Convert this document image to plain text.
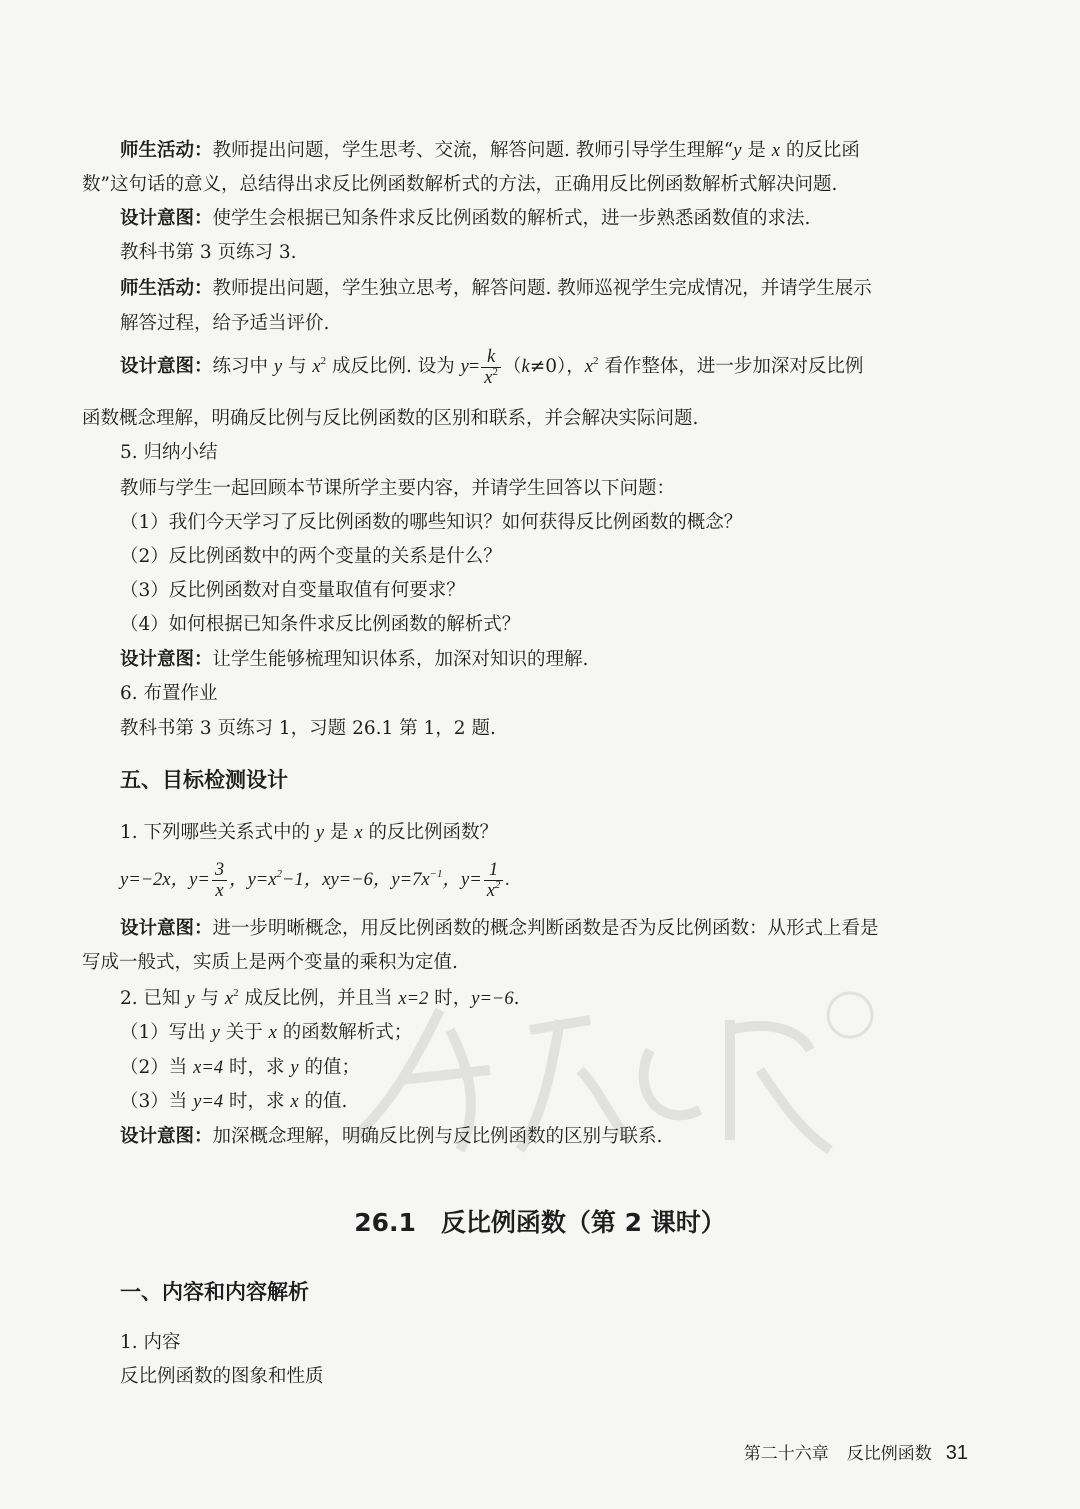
师生活动：教师提出问题，学生思考、交流，解答问题. 教师引导学生理解“y 是 x 的反比函
数”这句话的意义，总结得出求反比例函数解析式的方法，正确用反比例函数解析式解决问题.
设计意图：使学生会根据已知条件求反比例函数的解析式，进一步熟悉函数值的求法.
教科书第 3 页练习 3.
师生活动：教师提出问题，学生独立思考，解答问题. 教师巡视学生完成情况，并请学生展示
解答过程，给予适当评价.
设计意图：练习中 y 与 $x^2$ 成反比例. 设为 $y= \frac{k}{x^2} (k\ne 0)$，$x^2$ 看作整体，进一步加深对反比例
函数概念理解，明确反比例与反比例函数的区别和联系，并会解决实际问题.
5. 归纳小结
教师与学生一起回顾本节课所学主要内容，并请学生回答以下问题：
（1）我们今天学习了反比例函数的哪些知识？如何获得反比例函数的概念？
（2）反比例函数中的两个变量的关系是什么？
（3）反比例函数对自变量取值有何要求？
（4）如何根据已知条件求反比例函数的解析式？
设计意图：让学生能够梳理知识体系，加深对知识的理解.
6. 布置作业
教科书第 3 页练习 1，习题 26.1 第 1，2 题.
五、目标检测设计
1. 下列哪些关系式中的 y 是 x 的反比例函数？
y=−2x，$y= \frac{3}{x}$ ，$y=x^2-1$，xy=−6，$y=7x^{-1}$，$y= \frac{1}{x^2}$ .
设计意图：进一步明晰概念，用反比例函数的概念判断函数是否为反比例函数：从形式上看是
写成一般式，实质上是两个变量的乘积为定值.
2. 已知 y 与 $x^2$ 成反比例，并且当 x=2 时，y=−6.
（1）写出 y 关于 x 的函数解析式；
（2）当 x=4 时，求 y 的值；
（3）当 y=4 时，求 x 的值.
设计意图：加深概念理解，明确反比例与反比例函数的区别与联系.
26.1　反比例函数（第 2 课时）
一、内容和内容解析
1. 内容
反比例函数的图象和性质
第二十六章 反比例函数 31
